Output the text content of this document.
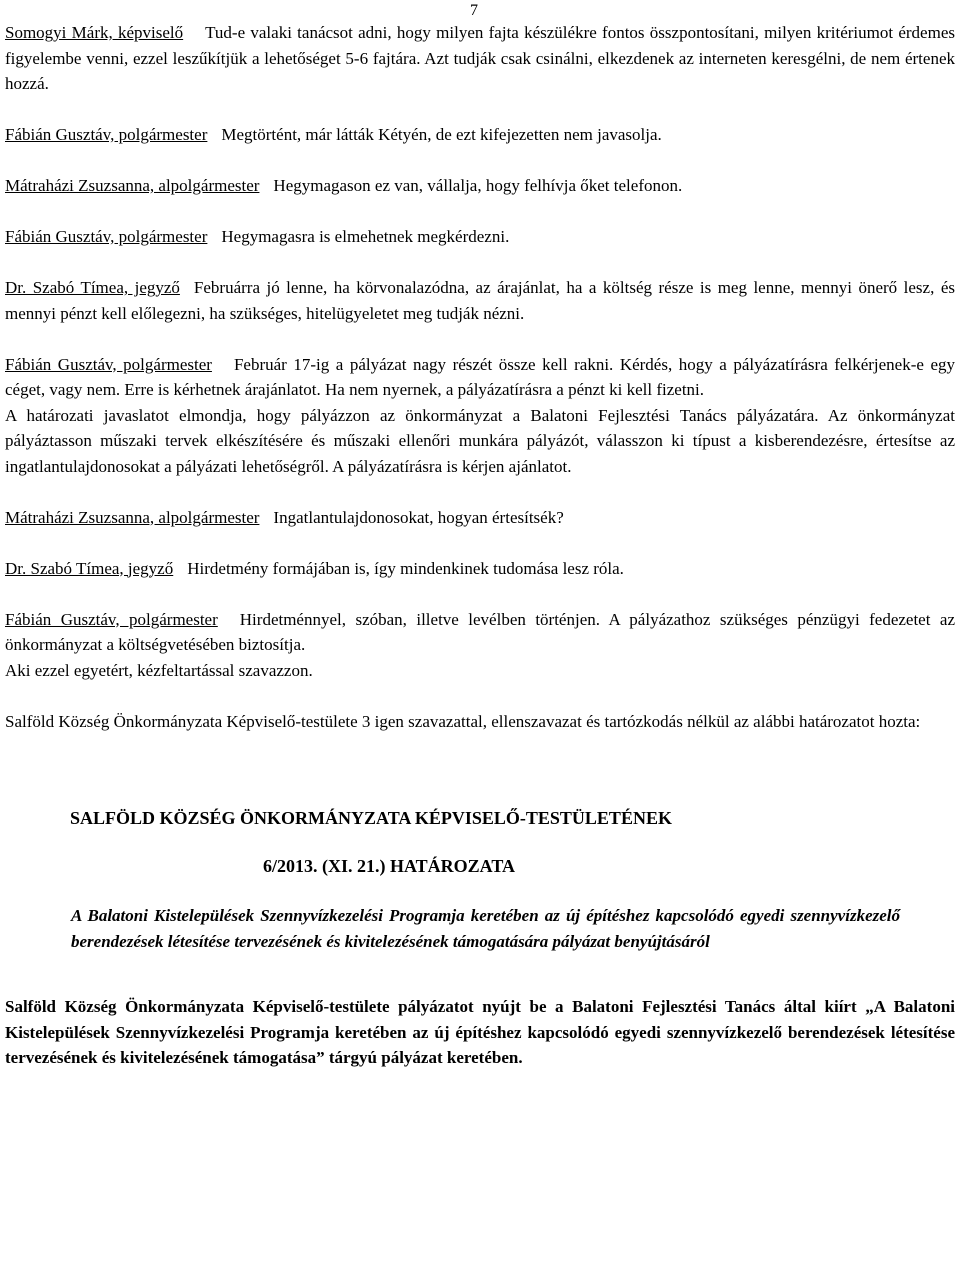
7

Somogyi Márk, képviselő Tud-e valaki tanácsot adni, hogy milyen fajta készülékre fontos összpontosítani, milyen kritériumot érdemes figyelembe venni, ezzel leszűkítjük a lehetőséget 5-6 fajtára. Azt tudják csak csinálni, elkezdenek az interneten keresgélni, de nem értenek hozzá.

Fábián Gusztáv, polgármester Megtörtént, már látták Kétyén, de ezt kifejezetten nem javasolja.

Mátraházi Zsuzsanna, alpolgármester Hegymagason ez van, vállalja, hogy felhívja őket telefonon.

Fábián Gusztáv, polgármester Hegymagasra is elmehetnek megkérdezni.

Dr. Szabó Tímea, jegyző Februárra jó lenne, ha körvonalazódna, az árajánlat, ha a költség része is meg lenne, mennyi önerő lesz, és mennyi pénzt kell előlegezni, ha szükséges, hitelügyeletet meg tudják nézni.

Fábián Gusztáv, polgármester Február 17-ig a pályázat nagy részét össze kell rakni. Kérdés, hogy a pályázatírásra felkérjenek-e egy céget, vagy nem. Erre is kérhetnek árajánlatot. Ha nem nyernek, a pályázatírásra a pénzt ki kell fizetni.

A határozati javaslatot elmondja, hogy pályázzon az önkormányzat a Balatoni Fejlesztési Tanács pályázatára. Az önkormányzat pályáztasson műszaki tervek elkészítésére és műszaki ellenőri munkára pályázót, válasszon ki típust a kisberendezésre, értesítse az ingatlantulajdonosokat a pályázati lehetőségről. A pályázatírásra is kérjen ajánlatot.

Mátraházi Zsuzsanna, alpolgármester Ingatlantulajdonosokat, hogyan értesítsék?

Dr. Szabó Tímea, jegyző Hirdetmény formájában is, így mindenkinek tudomása lesz róla.

Fábián Gusztáv, polgármester Hirdetménnyel, szóban, illetve levélben történjen. A pályázathoz szükséges pénzügyi fedezetet az önkormányzat a költségvetésében biztosítja.

Aki ezzel egyetért, kézfeltartással szavazzon.

Salföld Község Önkormányzata Képviselő-testülete 3 igen szavazattal, ellenszavazat és tartózkodás nélkül az alábbi határozatot hozta:

SALFÖLD KÖZSÉG ÖNKORMÁNYZATA KÉPVISELŐ-TESTÜLETÉNEK

6/2013. (XI. 21.) HATÁROZATA

A Balatoni Kistelepülések Szennyvízkezelési Programja keretében az új építéshez kapcsolódó egyedi szennyvízkezelő berendezések létesítése tervezésének és kivitelezésének támogatására pályázat benyújtásáról

Salföld Község Önkormányzata Képviselő-testülete pályázatot nyújt be a Balatoni Fejlesztési Tanács által kiírt „A Balatoni Kistelepülések Szennyvízkezelési Programja keretében az új építéshez kapcsolódó egyedi szennyvízkezelő berendezések létesítése tervezésének és kivitelezésének támogatása” tárgyú pályázat keretében.
